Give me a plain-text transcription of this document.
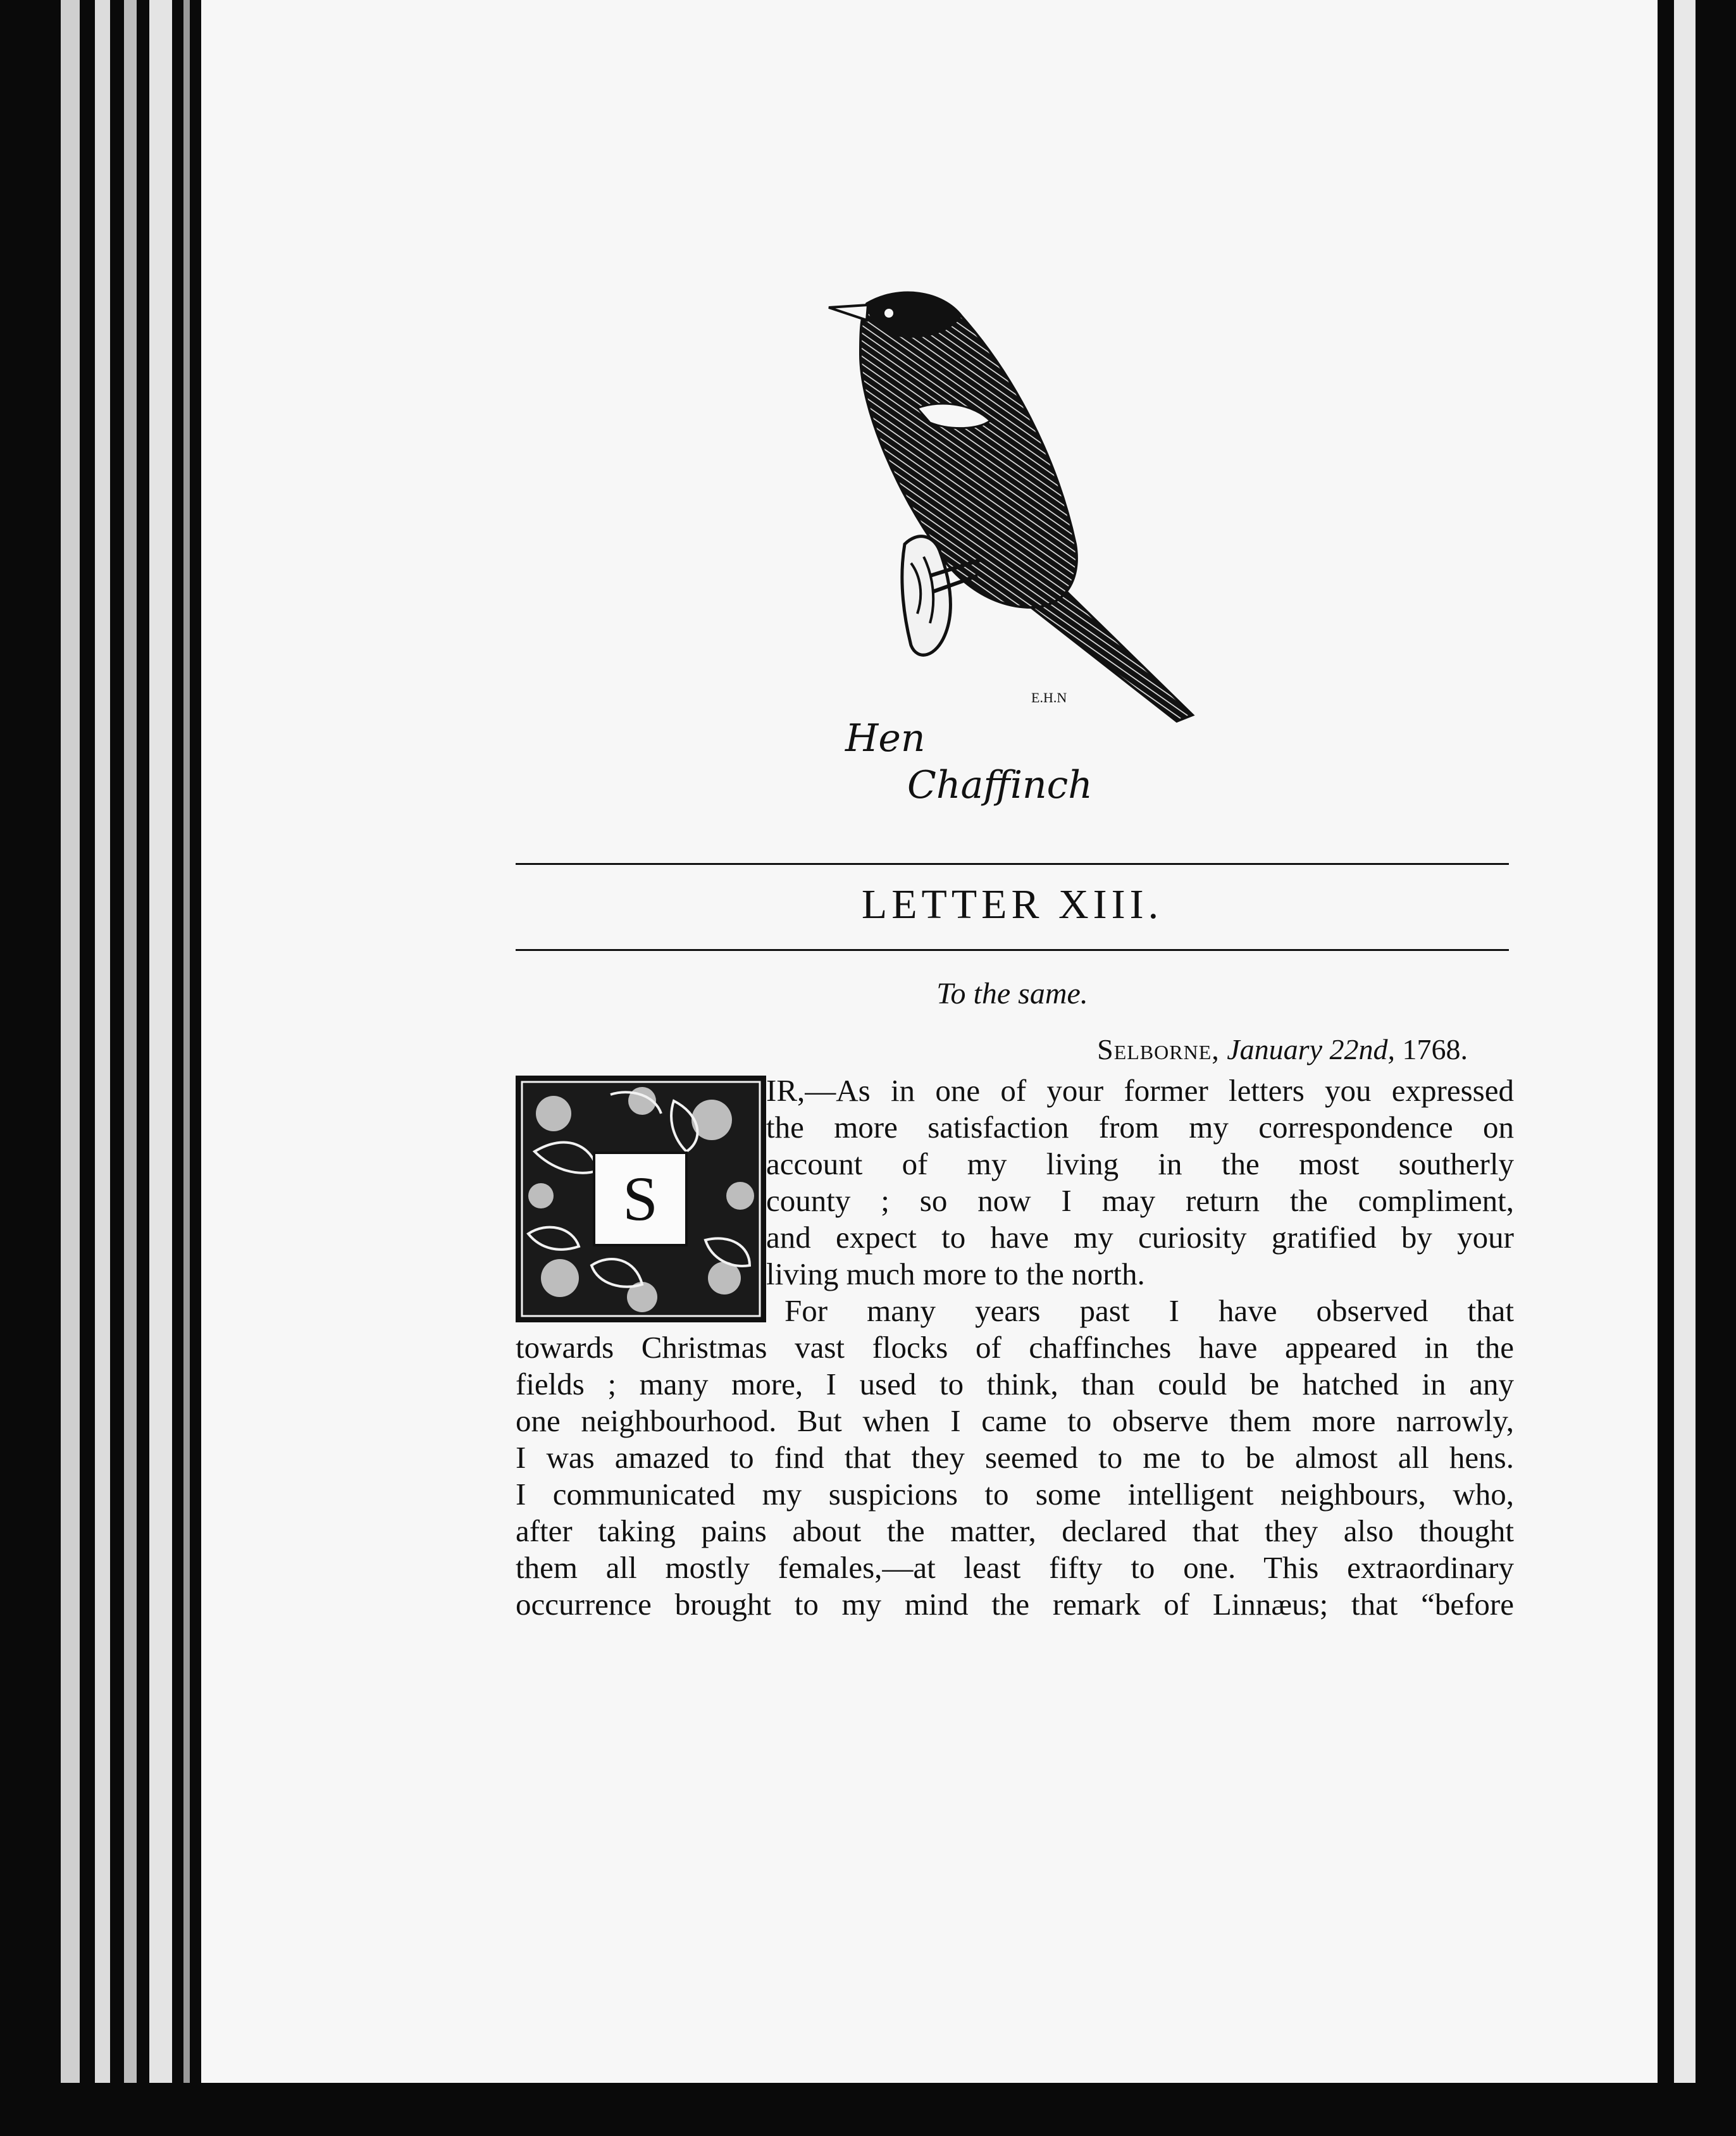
E.H.N
Hen
Chaffinch
LETTER XIII.
To the same.
Selborne, January 22nd, 1768.
S
IR,—As in one of your former letters you expressed
the more satisfaction from my correspondence on
account of my living in the most southerly
county ; so now I may return the compliment,
and expect to have my curiosity gratified by your
living much more to the north.
For many years past I have observed that
towards Christmas vast flocks of chaffinches have appeared in the
fields ; many more, I used to think, than could be hatched in any
one neighbourhood. But when I came to observe them more narrowly,
I was amazed to find that they seemed to me to be almost all hens.
I communicated my suspicions to some intelligent neighbours, who,
after taking pains about the matter, declared that they also thought
them all mostly females,—at least fifty to one. This extraordinary
occurrence brought to my mind the remark of Linnæus; that “before
